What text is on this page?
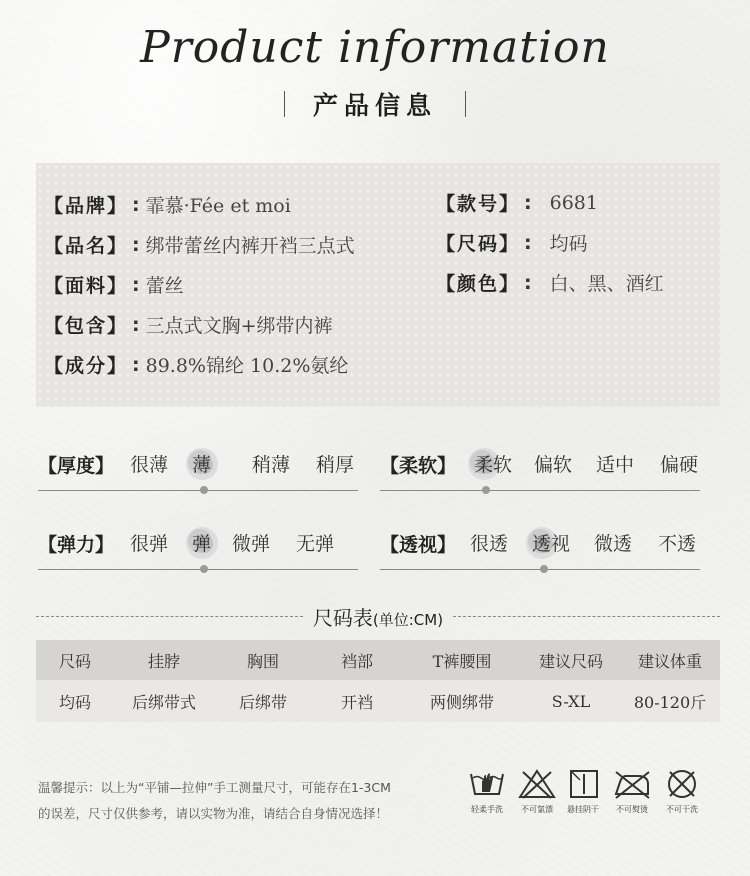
Product information
产品信息
【品牌】 : 霏慕·Fée et moi	【款号】 : 6681
【品名】 : 绑带蕾丝内裤开裆三点式	【尺码】 : 均码
【面料】 : 蕾丝	【颜色】 : 白、黑、酒红
【包含】 : 三点式文胸+绑带内裤
【成分】 : 89.8%锦纶 10.2%氨纶
【厚度】 很薄 薄 稍薄 稍厚 【柔软】 柔软 偏软 适中 偏硬
【弹力】 很弹 弹 微弹 无弹 【透视】 很透 透视 微透 不透
尺码表(单位:CM)
尺码	挂脖	胸围	裆部	T裤腰围	建议尺码	建议体重
均码	后绑带式	后绑带	开裆	两侧绑带	S-XL	80-120斤
温馨提示：以上为“平铺—拉伸”手工测量尺寸，可能存在1-3CM
的误差，尺寸仅供参考，请以实物为准，请结合自身情况选择！	轻柔手洗	不可氯漂	悬挂阴干	不可熨烫	不可干洗
